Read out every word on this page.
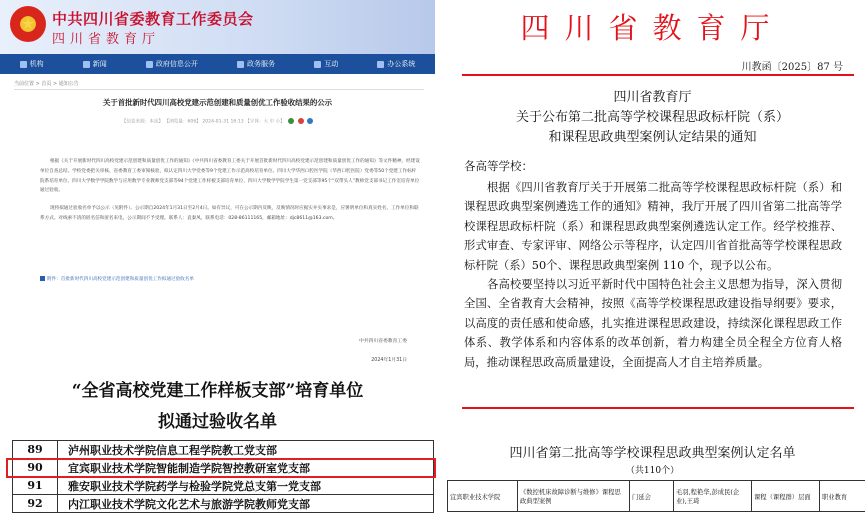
★	中共四川省委教育工作委员会
四川省教育厅
机构	新闻	政府信息公开	政务服务	互动	办公系统
当前位置 > 首页 > 通知公告
关于首批新时代四川高校党建示范创建和质量创优工作验收结果的公示
【信息来源：本站】 【浏览量：606】 2024-01-31 16:13 【字体：大 中 小】

根据《关于开展新时代四川高校党建示范创建和质量创优工作的通知》《中共四川省委教育工委关于开展首批新时代四川高校党建示范创建和质量创优工作的通知》等文件精神，经建设单位自查总结、学校党委把关审核、省委教育工委审阅核验，拟认定四川大学党委等9个党建工作示范高校培育单位、四川大学华西口腔医学院（华西口腔医院）党委等50个党建工作标杆院系培育单位、四川大学数学学院数学与应用数学专业教师党支部等94个党建工作样板支部培育单位、四川大学数学学院学生第一党支部等95个“双带头人”教师党支部书记工作室培育单位通过验收。

现将拟通过验收名单予以公示（见附件）。公示期自2024年1月31日至2月4日。如有异议，可在公示期内反映，反映情况时应据实并实事求是，应署明单位和真实姓名、工作单位和联系方式。对线索不清的匿名信和匿名来电，公示期间不予受理。联系人：袁秦凤，联系电话：028-86111165，邮箱地址：djc8611@163.com。

附件：首批新时代四川高校党建示范创建和质量创优工作拟通过验收名单
中共四川省委教育工委
2024年1月31日
“全省高校党建工作样板支部”培育单位
拟通过验收名单
89	泸州职业技术学院信息工程学院教工党支部
90	宜宾职业技术学院智能制造学院智控教研室党支部
91	雅安职业技术学院药学与检验学院党总支第一党支部
92	内江职业技术学院文化艺术与旅游学院教师党支部
四川省教育厅
川教函〔2025〕87 号
四川省教育厅
关于公布第二批高等学校课程思政标杆院（系）
和课程思政典型案例认定结果的通知
各高等学校：

根据《四川省教育厅关于开展第二批高等学校课程思政标杆院（系）和课程思政典型案例遴选工作的通知》精神，我厅开展了四川省第二批高等学校课程思政标杆院（系）和课程思政典型案例遴选认定工作。经学校推荐、形式审查、专家评审、网络公示等程序，认定四川省首批高等学校课程思政标杆院（系）50个、课程思政典型案例 110 个，现予以公布。

各高校要坚持以习近平新时代中国特色社会主义思想为指导，深入贯彻全国、全省教育大会精神，按照《高等学校课程思政建设指导纲要》要求，以高度的责任感和使命感，扎实推进课程思政建设，持续深化课程思政工作体系、教学体系和内容体系的改革创新，着力构建全员全程全方位育人格局，推动课程思政高质量建设，全面提高人才自主培养质量。

四川省第二批高等学校课程思政典型案例认定名单
（共110个）
宜宾职业技术学院	《数控机床故障诊断与维修》课程思政典型案例	门延会	毛羽,程艳华,彭成民(企业),王琦	课程（课程群）层面	职业教育
